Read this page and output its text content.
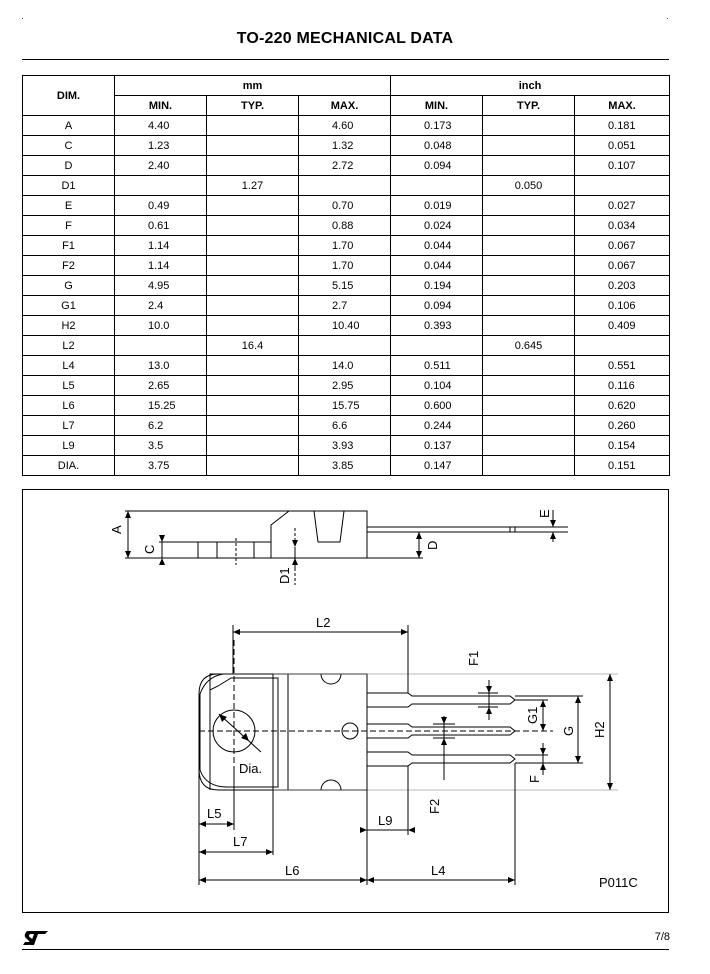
TO-220 MECHANICAL DATA
DIM.	mm			inch		
	MIN.	TYP.	MAX.	MIN.	TYP.	MAX.
A	4.40		4.60	0.173		0.181
C	1.23		1.32	0.048		0.051
D	2.40		2.72	0.094		0.107
D1		1.27			0.050	
E	0.49		0.70	0.019		0.027
F	0.61		0.88	0.024		0.034
F1	1.14		1.70	0.044		0.067
F2	1.14		1.70	0.044		0.067
G	4.95		5.15	0.194		0.203
G1	2.4		2.7	0.094		0.106
H2	10.0		10.40	0.393		0.409
L2		16.4			0.645	
L4	13.0		14.0	0.511		0.551
L5	2.65		2.95	0.104		0.116
L6	15.25		15.75	0.600		0.620
L7	6.2		6.6	0.244		0.260
L9	3.5		3.93	0.137		0.154
DIA.	3.75		3.85	0.147		0.151
A
C	D
D1
E
L2
F1
G1
G H2
F
F2
Dia.
L5	L9
L7
L6	L4
P011C
7/8
